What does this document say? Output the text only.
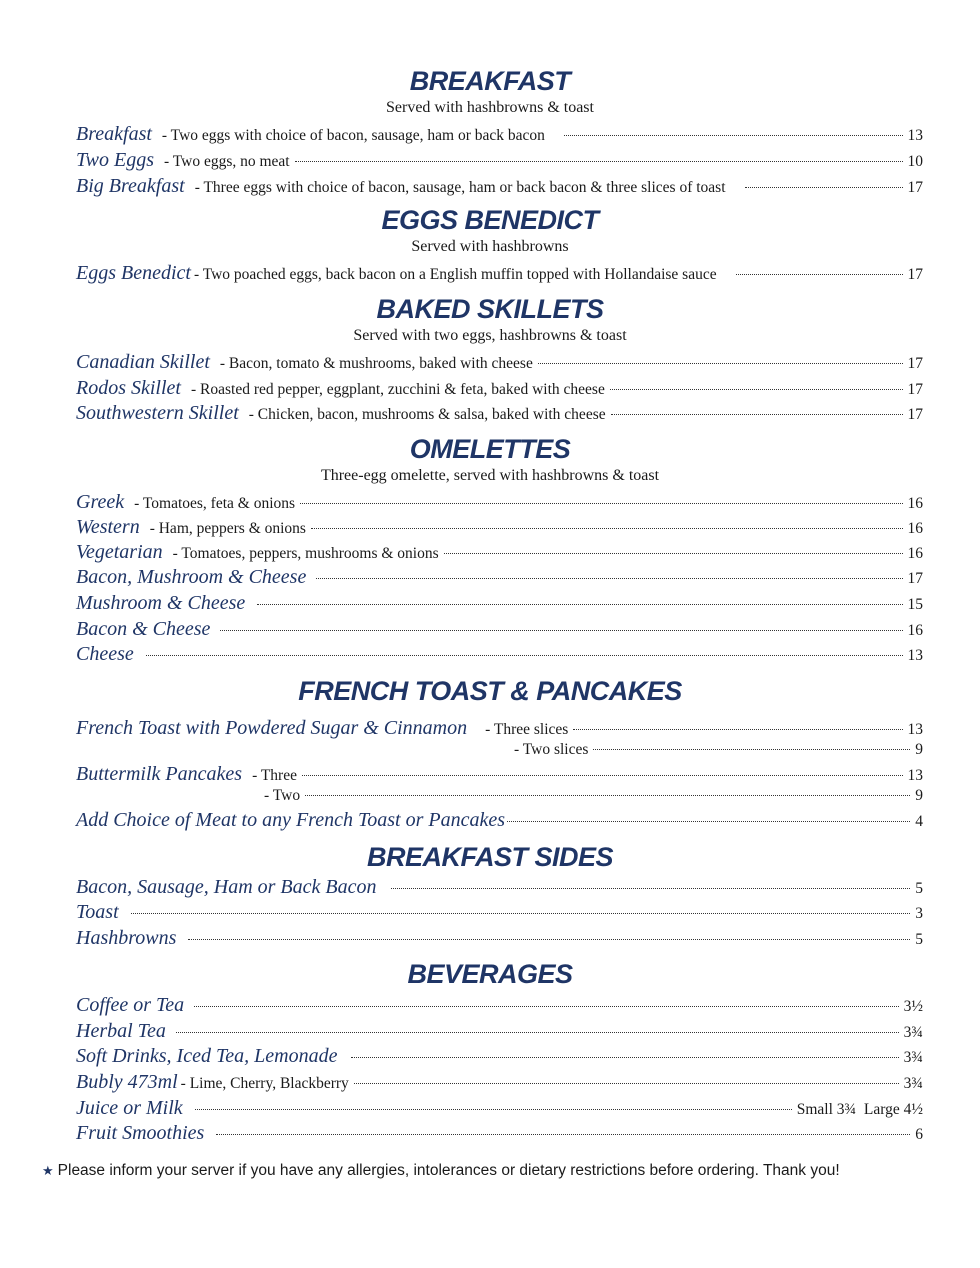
BREAKFAST
Served with hashbrowns & toast
Breakfast - Two eggs with choice of bacon, sausage, ham or back bacon	13
Two Eggs - Two eggs, no meat	10
Big Breakfast - Three eggs with choice of bacon, sausage, ham or back bacon & three slices of toast	17
EGGS BENEDICT
Served with hashbrowns
Eggs Benedict - Two poached eggs, back bacon on a English muffin topped with Hollandaise sauce	17
BAKED SKILLETS
Served with two eggs, hashbrowns & toast
Canadian Skillet - Bacon, tomato & mushrooms, baked with cheese	17
Rodos Skillet - Roasted red pepper, eggplant, zucchini & feta, baked with cheese	17
Southwestern Skillet - Chicken, bacon, mushrooms & salsa, baked with cheese	17
OMELETTES
Three-egg omelette, served with hashbrowns & toast
Greek - Tomatoes, feta & onions	16
Western - Ham, peppers & onions	16
Vegetarian - Tomatoes, peppers, mushrooms & onions	16
Bacon, Mushroom & Cheese	17
Mushroom & Cheese	15
Bacon & Cheese	16
Cheese	13
FRENCH TOAST & PANCAKES
French Toast with Powdered Sugar & Cinnamon - Three slices	13
- Two slices	9
Buttermilk Pancakes - Three	13
- Two	9
Add Choice of Meat to any French Toast or Pancakes	4
BREAKFAST SIDES
Bacon, Sausage, Ham or Back Bacon	5
Toast	3
Hashbrowns	5
BEVERAGES
Coffee or Tea	3½
Herbal Tea	3¾
Soft Drinks, Iced Tea, Lemonade	3¾
Bubly 473ml - Lime, Cherry, Blackberry	3¾
Juice or Milk	Small 3¾  Large 4½
Fruit Smoothies	6
★ Please inform your server if you have any allergies, intolerances or dietary restrictions before ordering. Thank you!
